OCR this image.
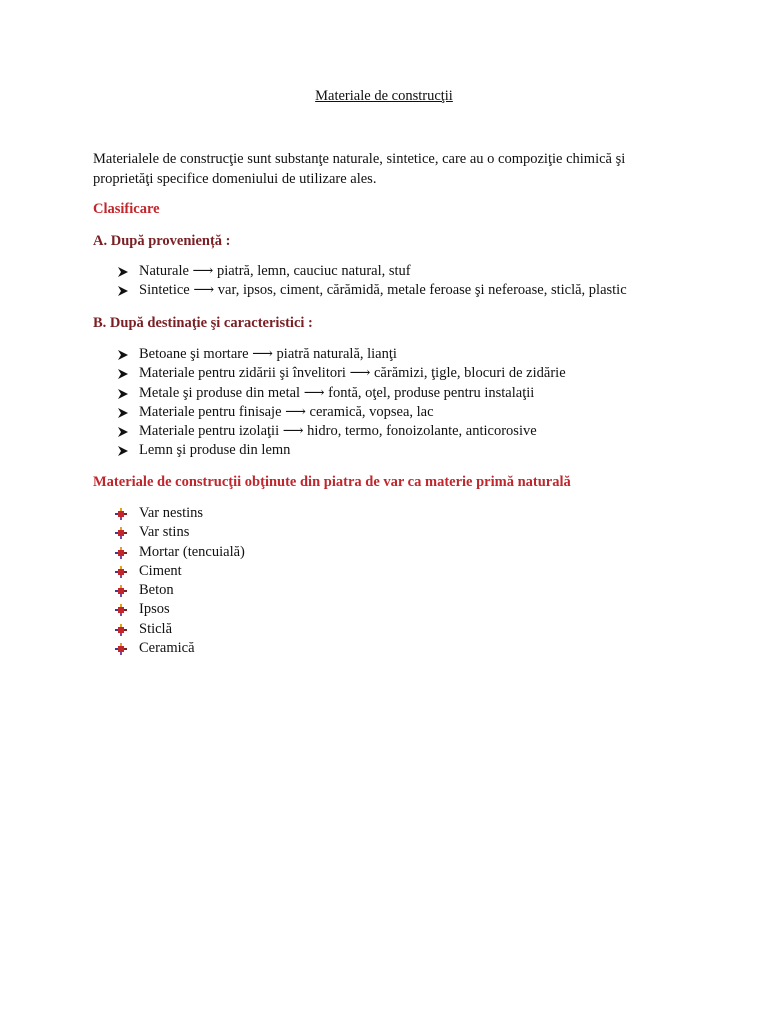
Materiale de construcţii
Materialele de construcţie sunt substanţe naturale, sintetice, care au o compoziţie chimică şi proprietăţi specifice domeniului de utilizare ales.
Clasificare
A. După proveniență :
Naturale ⟶ piatră, lemn, cauciuc natural, stuf
Sintetice ⟶ var, ipsos, ciment, cărămidă, metale feroase şi neferoase, sticlă, plastic
B. După destinaţie şi caracteristici :
Betoane şi mortare ⟶ piatră naturală, lianţi
Materiale pentru zidării şi învelitori ⟶ cărămizi, ţigle, blocuri de zidărie
Metale şi produse din metal ⟶ fontă, oţel, produse pentru instalaţii
Materiale pentru finisaje ⟶ ceramică, vopsea, lac
Materiale pentru izolaţii ⟶ hidro, termo, fonoizolante, anticorosive
Lemn şi produse din lemn
Materiale de construcţii obţinute din piatra de var ca materie primă naturală
Var nestins
Var stins
Mortar (tencuială)
Ciment
Beton
Ipsos
Sticlă
Ceramică
